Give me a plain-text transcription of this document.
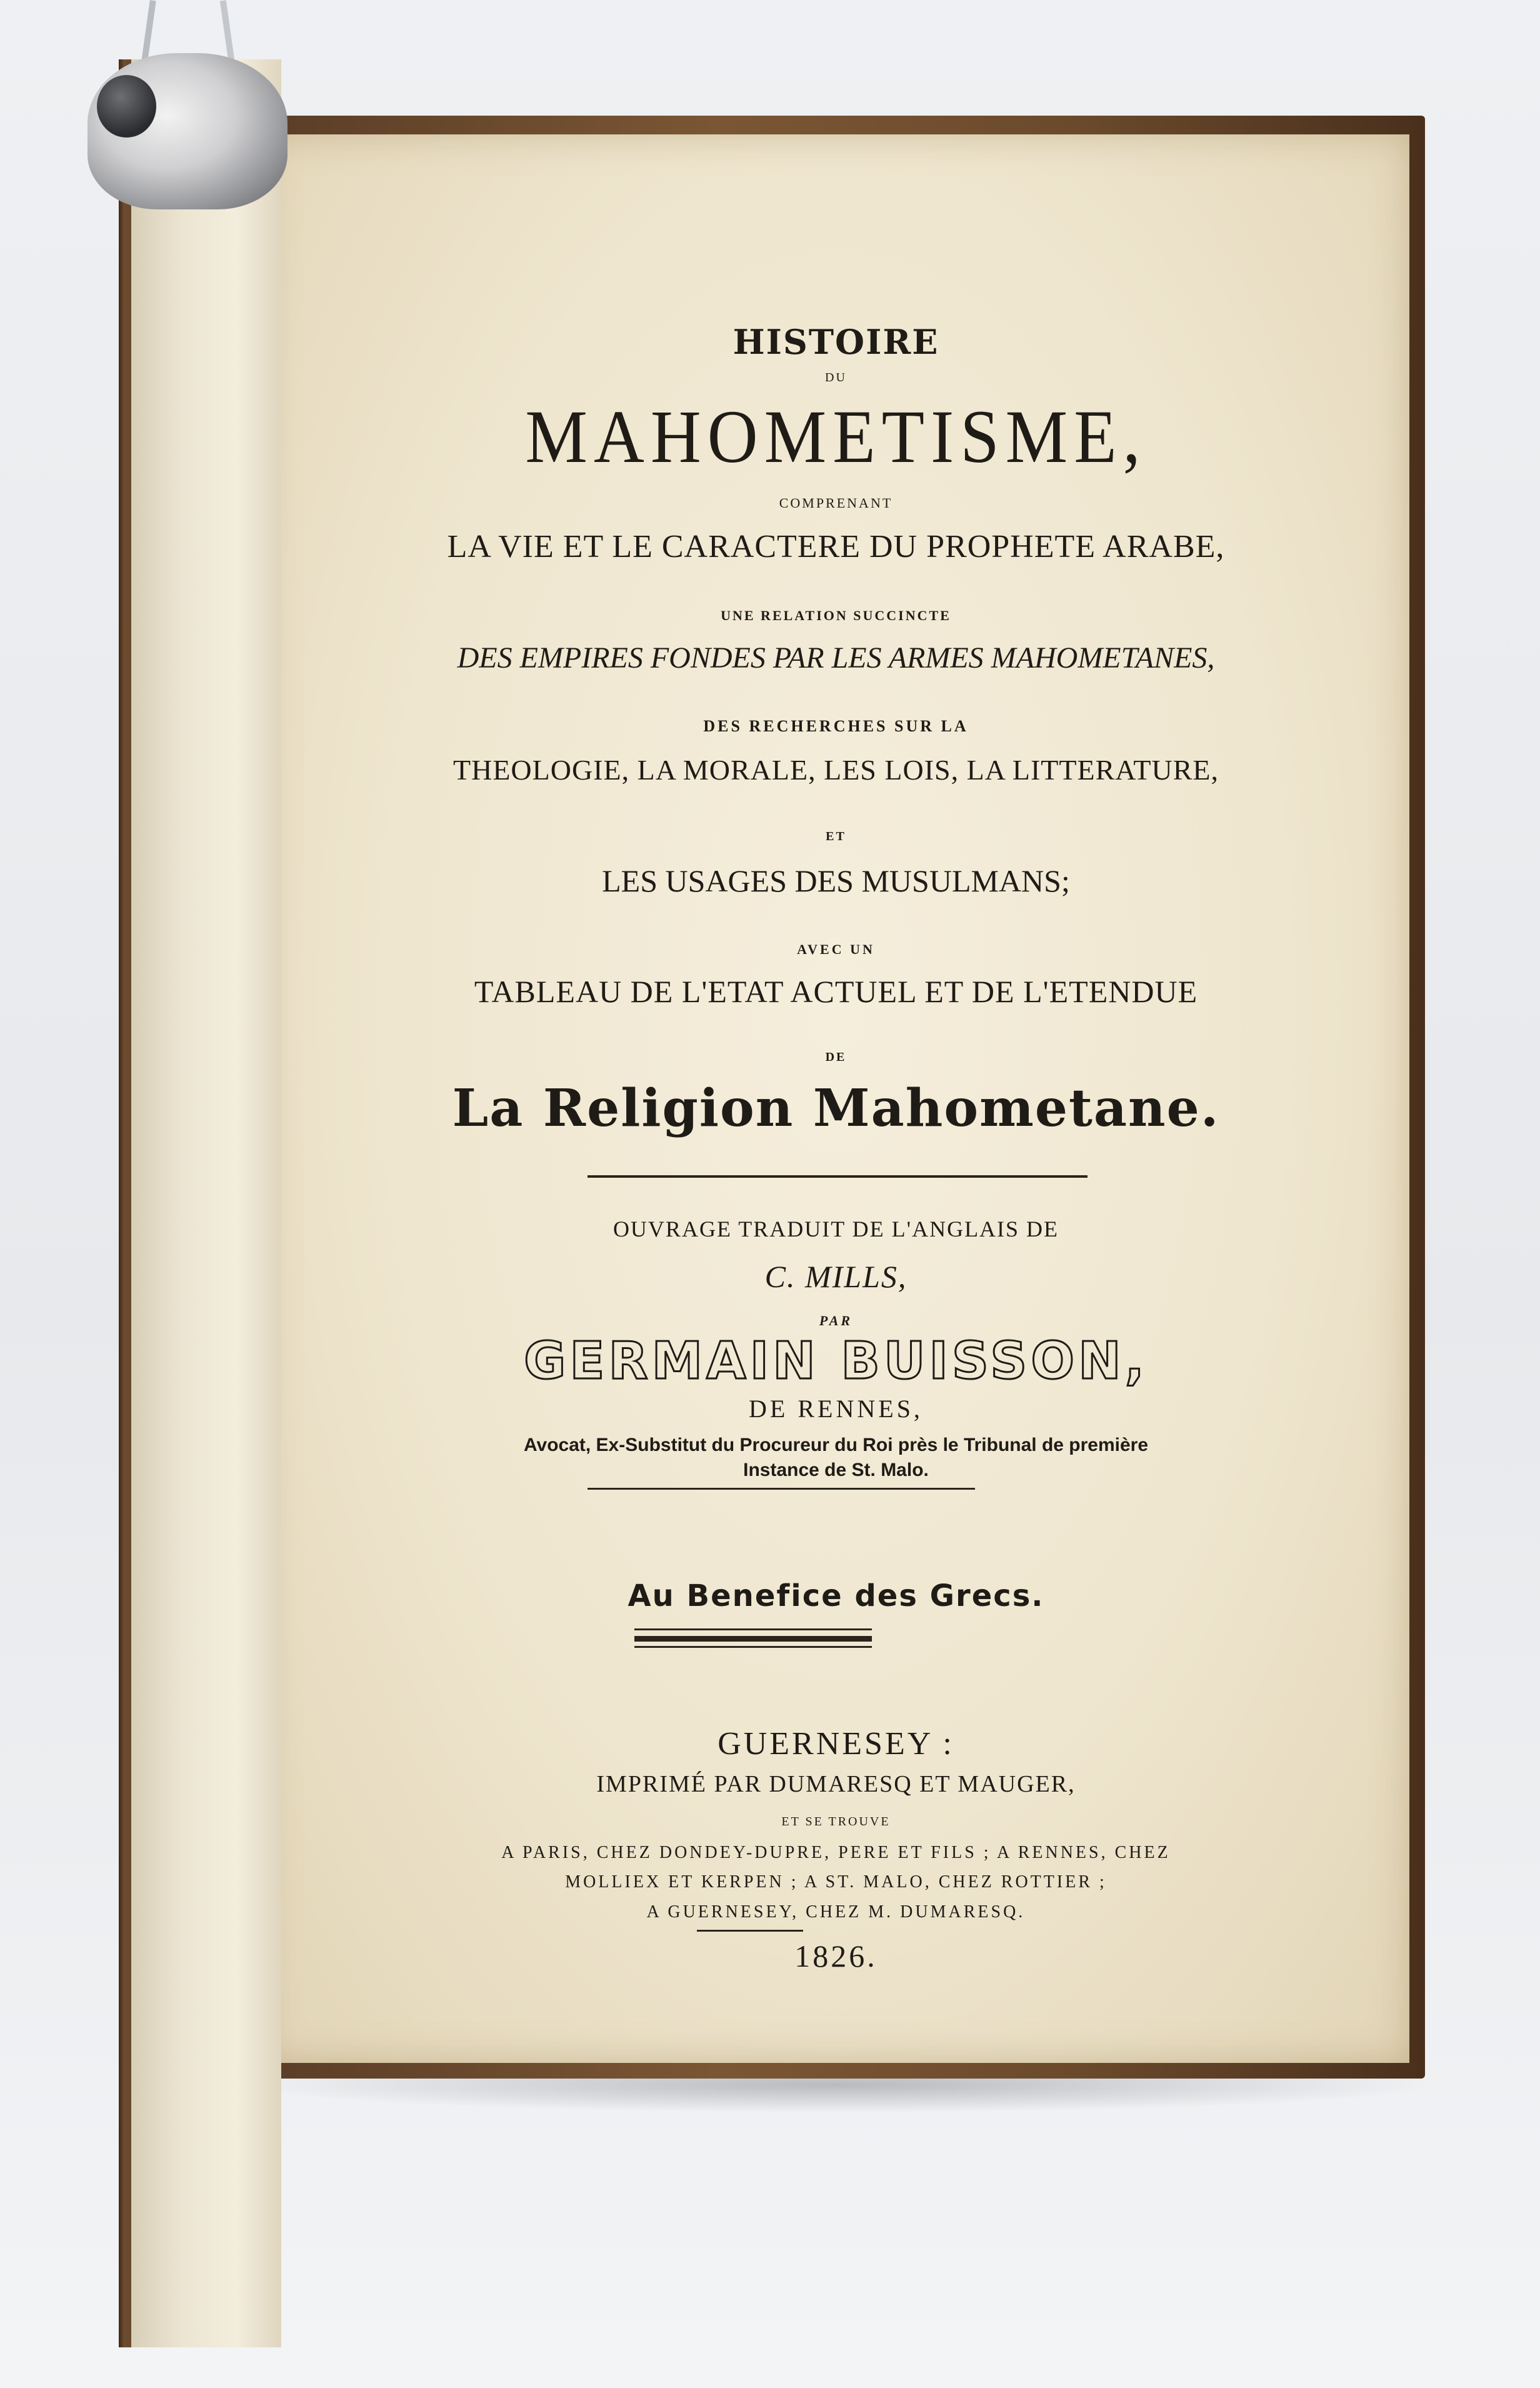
HISTOIRE
DU
MAHOMETISME,
COMPRENANT
LA VIE ET LE CARACTERE DU PROPHETE ARABE,
UNE RELATION SUCCINCTE
DES EMPIRES FONDES PAR LES ARMES MAHOMETANES,
DES RECHERCHES SUR LA
THEOLOGIE, LA MORALE, LES LOIS, LA LITTERATURE,
ET
LES USAGES DES MUSULMANS;
AVEC UN
TABLEAU DE L'ETAT ACTUEL ET DE L'ETENDUE
DE
La Religion Mahometane.
OUVRAGE TRADUIT DE L'ANGLAIS DE
C. MILLS,
PAR
GERMAIN BUISSON,
DE RENNES,
Avocat, Ex-Substitut du Procureur du Roi près le Tribunal de première
Instance de St. Malo.
Au Benefice des Grecs.
GUERNESEY :
IMPRIMÉ PAR DUMARESQ ET MAUGER,
ET SE TROUVE
A PARIS, CHEZ DONDEY-DUPRE, PERE ET FILS ; A RENNES, CHEZ
MOLLIEX ET KERPEN ; A ST. MALO, CHEZ ROTTIER ;
A GUERNESEY, CHEZ M. DUMARESQ.
1826.
